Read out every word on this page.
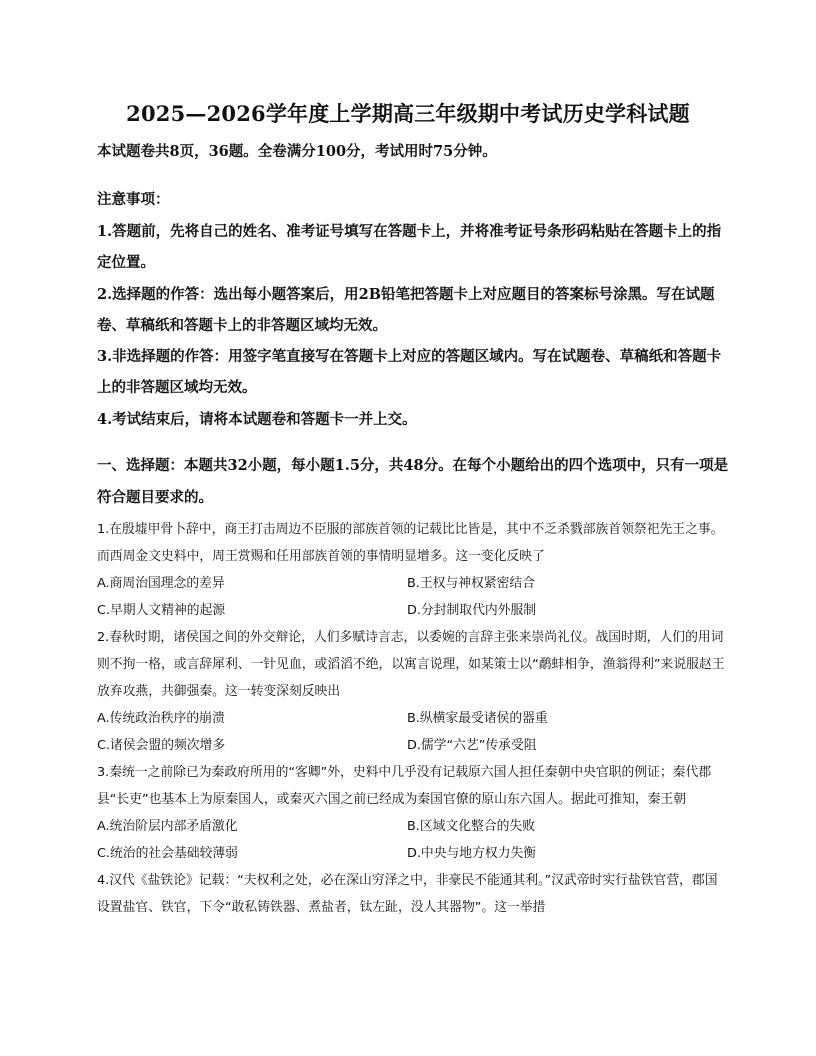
2025—2026学年度上学期高三年级期中考试历史学科试题
本试题卷共8页，36题。全卷满分100分，考试用时75分钟。
注意事项：

1.答题前，先将自己的姓名、准考证号填写在答题卡上，并将准考证号条形码粘贴在答题卡上的指定位置。

2.选择题的作答：选出每小题答案后，用2B铅笔把答题卡上对应题目的答案标号涂黑。写在试题卷、草稿纸和答题卡上的非答题区域均无效。

3.非选择题的作答：用签字笔直接写在答题卡上对应的答题区域内。写在试题卷、草稿纸和答题卡上的非答题区域均无效。

4.考试结束后，请将本试题卷和答题卡一并上交。

一、选择题：本题共32小题，每小题1.5分，共48分。在每个小题给出的四个选项中，只有一项是符合题目要求的。

1.在殷墟甲骨卜辞中，商王打击周边不臣服的部族首领的记载比比皆是，其中不乏杀戮部族首领祭祀先王之事。而西周金文史料中，周王赏赐和任用部族首领的事情明显增多。这一变化反映了

A.商周治国理念的差异	B.王权与神权紧密结合

C.早期人文精神的起源	D.分封制取代内外服制

2.春秋时期，诸侯国之间的外交辩论，人们多赋诗言志，以委婉的言辞主张来崇尚礼仪。战国时期，人们的用词则不拘一格，或言辞犀利、一针见血，或滔滔不绝，以寓言说理，如某策士以“鹬蚌相争，渔翁得利”来说服赵王放弃攻燕，共御强秦。这一转变深刻反映出

A.传统政治秩序的崩溃	B.纵横家最受诸侯的器重

C.诸侯会盟的频次增多	D.儒学“六艺”传承受阻

3.秦统一之前除已为秦政府所用的“客卿”外，史料中几乎没有记载原六国人担任秦朝中央官职的例证；秦代郡县“长吏”也基本上为原秦国人，或秦灭六国之前已经成为秦国官僚的原山东六国人。据此可推知，秦王朝

A.统治阶层内部矛盾激化	B.区域文化整合的失败

C.统治的社会基础较薄弱	D.中央与地方权力失衡

4.汉代《盐铁论》记载：“夫权利之处，必在深山穷泽之中，非豪民不能通其利。”汉武帝时实行盐铁官营，郡国设置盐官、铁官，下令“敢私铸铁器、煮盐者，钛左趾，没人其器物”。这一举措
